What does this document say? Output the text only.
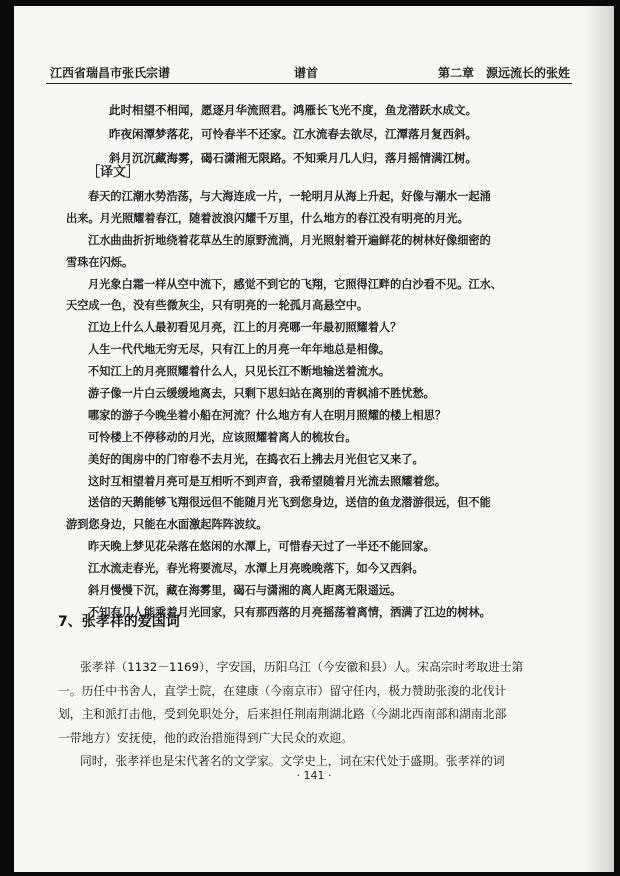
江西省瑞昌市张氏宗谱	谱首	第二章　源远流长的张姓
此时相望不相闻，愿逐月华流照君。鸿雁长飞光不度，鱼龙潜跃水成文。
昨夜闲潭梦落花，可怜春半不还家。江水流春去欲尽，江潭落月复西斜。
斜月沉沉藏海雾，碣石潇湘无限路。不知乘月几人归，落月摇情满江树。
［译文］
春天的江潮水势浩荡，与大海连成一片，一轮明月从海上升起，好像与潮水一起涌
出来。月光照耀着春江，随着波浪闪耀千万里，什么地方的春江没有明亮的月光。
江水曲曲折折地绕着花草丛生的原野流淌，月光照射着开遍鲜花的树林好像细密的
雪珠在闪烁。
月光象白霜一样从空中流下，感觉不到它的飞翔，它照得江畔的白沙看不见。江水、
天空成一色，没有些微灰尘，只有明亮的一轮孤月高悬空中。
江边上什么人最初看见月亮，江上的月亮哪一年最初照耀着人？
人生一代代地无穷无尽，只有江上的月亮一年年地总是相像。
不知江上的月亮照耀着什么人，只见长江不断地输送着流水。
游子像一片白云缓缓地离去，只剩下思妇站在离别的青枫浦不胜忧愁。
哪家的游子今晚坐着小船在河流？什么地方有人在明月照耀的楼上相思？
可怜楼上不停移动的月光，应该照耀着离人的梳妆台。
美好的闺房中的门帘卷不去月光，在捣衣石上拂去月光但它又来了。
这时互相望着月亮可是互相听不到声音，我希望随着月光流去照耀着您。
送信的天鹅能够飞翔很远但不能随月光飞到您身边，送信的鱼龙潜游很远，但不能
游到您身边，只能在水面激起阵阵波纹。
昨天晚上梦见花朵落在悠闲的水潭上，可惜春天过了一半还不能回家。
江水流走春光，春光将要流尽，水潭上月亮晚晚落下，如今又西斜。
斜月慢慢下沉，藏在海雾里，碣石与潇湘的离人距离无限遥远。
不知有几人能乘着月光回家，只有那西落的月亮摇荡着离情，洒满了江边的树林。
7、张孝祥的爱国词
张孝祥（1132－1169），字安国，历阳乌江（今安徽和县）人。宋高宗时考取进士第
一。历任中书舍人，直学士院，在建康（今南京市）留守任内，极力赞助张浚的北伐计
划，主和派打击他，受到免职处分，后来担任荆南荆湖北路（今湖北西南部和湖南北部
一带地方）安抚使，他的政治措施得到广大民众的欢迎。
同时，张孝祥也是宋代著名的文学家。文学史上，词在宋代处于盛期。张孝祥的词
· 141 ·
